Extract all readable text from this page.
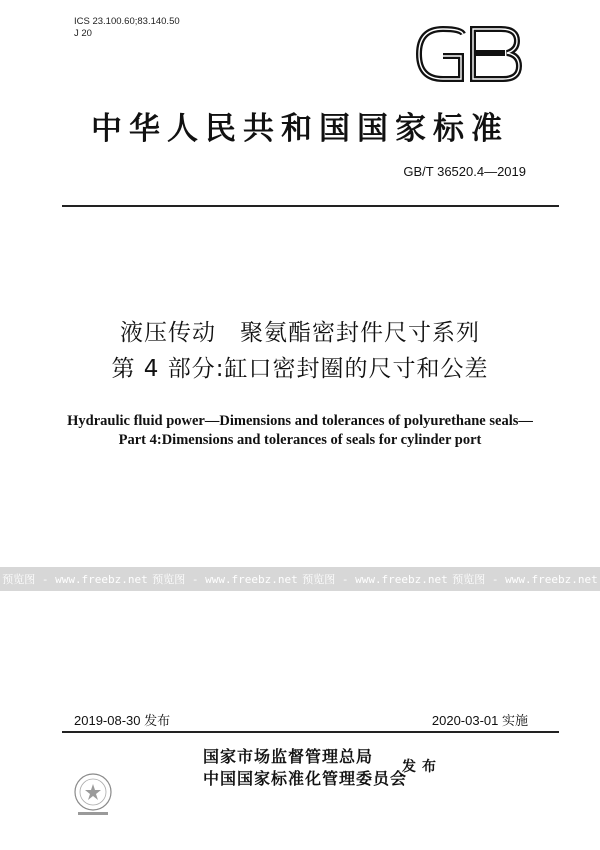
ICS 23.100.60;83.140.50
J 20
中华人民共和国国家标准
GB/T 36520.4—2019
液压传动　聚氨酯密封件尺寸系列
第 4 部分:缸口密封圈的尺寸和公差
Hydraulic fluid power—Dimensions and tolerances of polyurethane seals—
Part 4:Dimensions and tolerances of seals for cylinder port
预览图 - www.freebz.net 预览图 - www.freebz.net 预览图 - www.freebz.net 预览图 - www.freebz.net
2019-08-30 发布	2020-03-01 实施
国家市场监督管理总局
中国国家标准化管理委员会
发布
